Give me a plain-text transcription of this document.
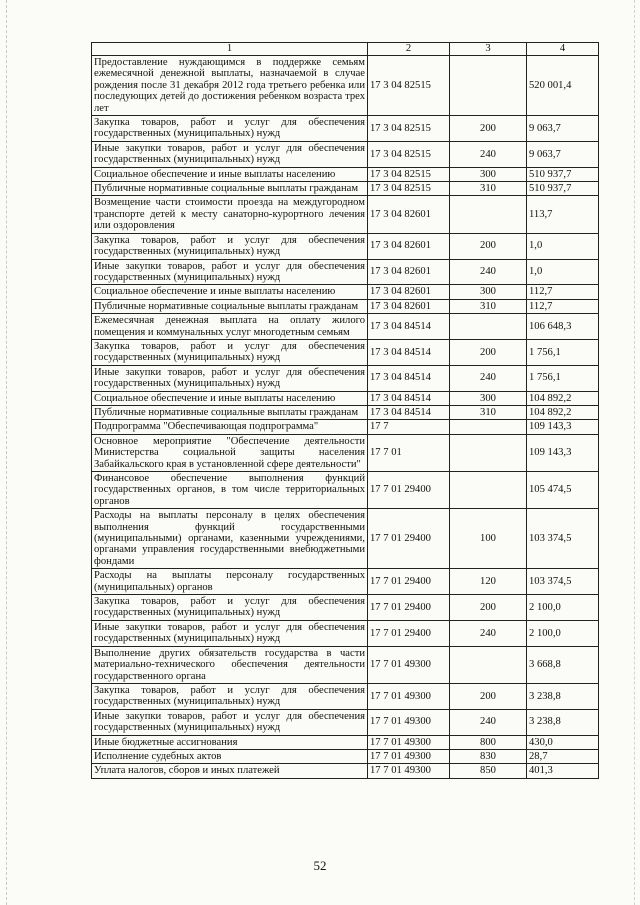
1	2	3	4
Предоставление нуждающимся в поддержке семьям ежемесячной денежной выплаты, назначаемой в случае рождения после 31 декабря 2012 года третьего ребенка или последующих детей до достижения ребенком возраста трех лет	17 3 04 82515		520 001,4
Закупка товаров, работ и услуг для обеспечения государственных (муниципальных) нужд	17 3 04 82515	200	9 063,7
Иные закупки товаров, работ и услуг для обеспечения государственных (муниципальных) нужд	17 3 04 82515	240	9 063,7
Социальное обеспечение и иные выплаты населению	17 3 04 82515	300	510 937,7
Публичные нормативные социальные выплаты гражданам	17 3 04 82515	310	510 937,7
Возмещение части стоимости проезда на междугородном транспорте детей к месту санаторно-курортного лечения или оздоровления	17 3 04 82601		113,7
Закупка товаров, работ и услуг для обеспечения государственных (муниципальных) нужд	17 3 04 82601	200	1,0
Иные закупки товаров, работ и услуг для обеспечения государственных (муниципальных) нужд	17 3 04 82601	240	1,0
Социальное обеспечение и иные выплаты населению	17 3 04 82601	300	112,7
Публичные нормативные социальные выплаты гражданам	17 3 04 82601	310	112,7
Ежемесячная денежная выплата на оплату жилого помещения и коммунальных услуг многодетным семьям	17 3 04 84514		106 648,3
Закупка товаров, работ и услуг для обеспечения государственных (муниципальных) нужд	17 3 04 84514	200	1 756,1
Иные закупки товаров, работ и услуг для обеспечения государственных (муниципальных) нужд	17 3 04 84514	240	1 756,1
Социальное обеспечение и иные выплаты населению	17 3 04 84514	300	104 892,2
Публичные нормативные социальные выплаты гражданам	17 3 04 84514	310	104 892,2
Подпрограмма "Обеспечивающая подпрограмма"	17 7		109 143,3
Основное мероприятие "Обеспечение деятельности Министерства социальной защиты населения Забайкальского края в установленной сфере деятельности"	17 7 01		109 143,3
Финансовое обеспечение выполнения функций государственных органов, в том числе территориальных органов	17 7 01 29400		105 474,5
Расходы на выплаты персоналу в целях обеспечения выполнения функций государственными (муниципальными) органами, казенными учреждениями, органами управления государственными внебюджетными фондами	17 7 01 29400	100	103 374,5
Расходы на выплаты персоналу государственных (муниципальных) органов	17 7 01 29400	120	103 374,5
Закупка товаров, работ и услуг для обеспечения государственных (муниципальных) нужд	17 7 01 29400	200	2 100,0
Иные закупки товаров, работ и услуг для обеспечения государственных (муниципальных) нужд	17 7 01 29400	240	2 100,0
Выполнение других обязательств государства в части материально-технического обеспечения деятельности государственного органа	17 7 01 49300		3 668,8
Закупка товаров, работ и услуг для обеспечения государственных (муниципальных) нужд	17 7 01 49300	200	3 238,8
Иные закупки товаров, работ и услуг для обеспечения государственных (муниципальных) нужд	17 7 01 49300	240	3 238,8
Иные бюджетные ассигнования	17 7 01 49300	800	430,0
Исполнение судебных актов	17 7 01 49300	830	28,7
Уплата налогов, сборов и иных платежей	17 7 01 49300	850	401,3
52
